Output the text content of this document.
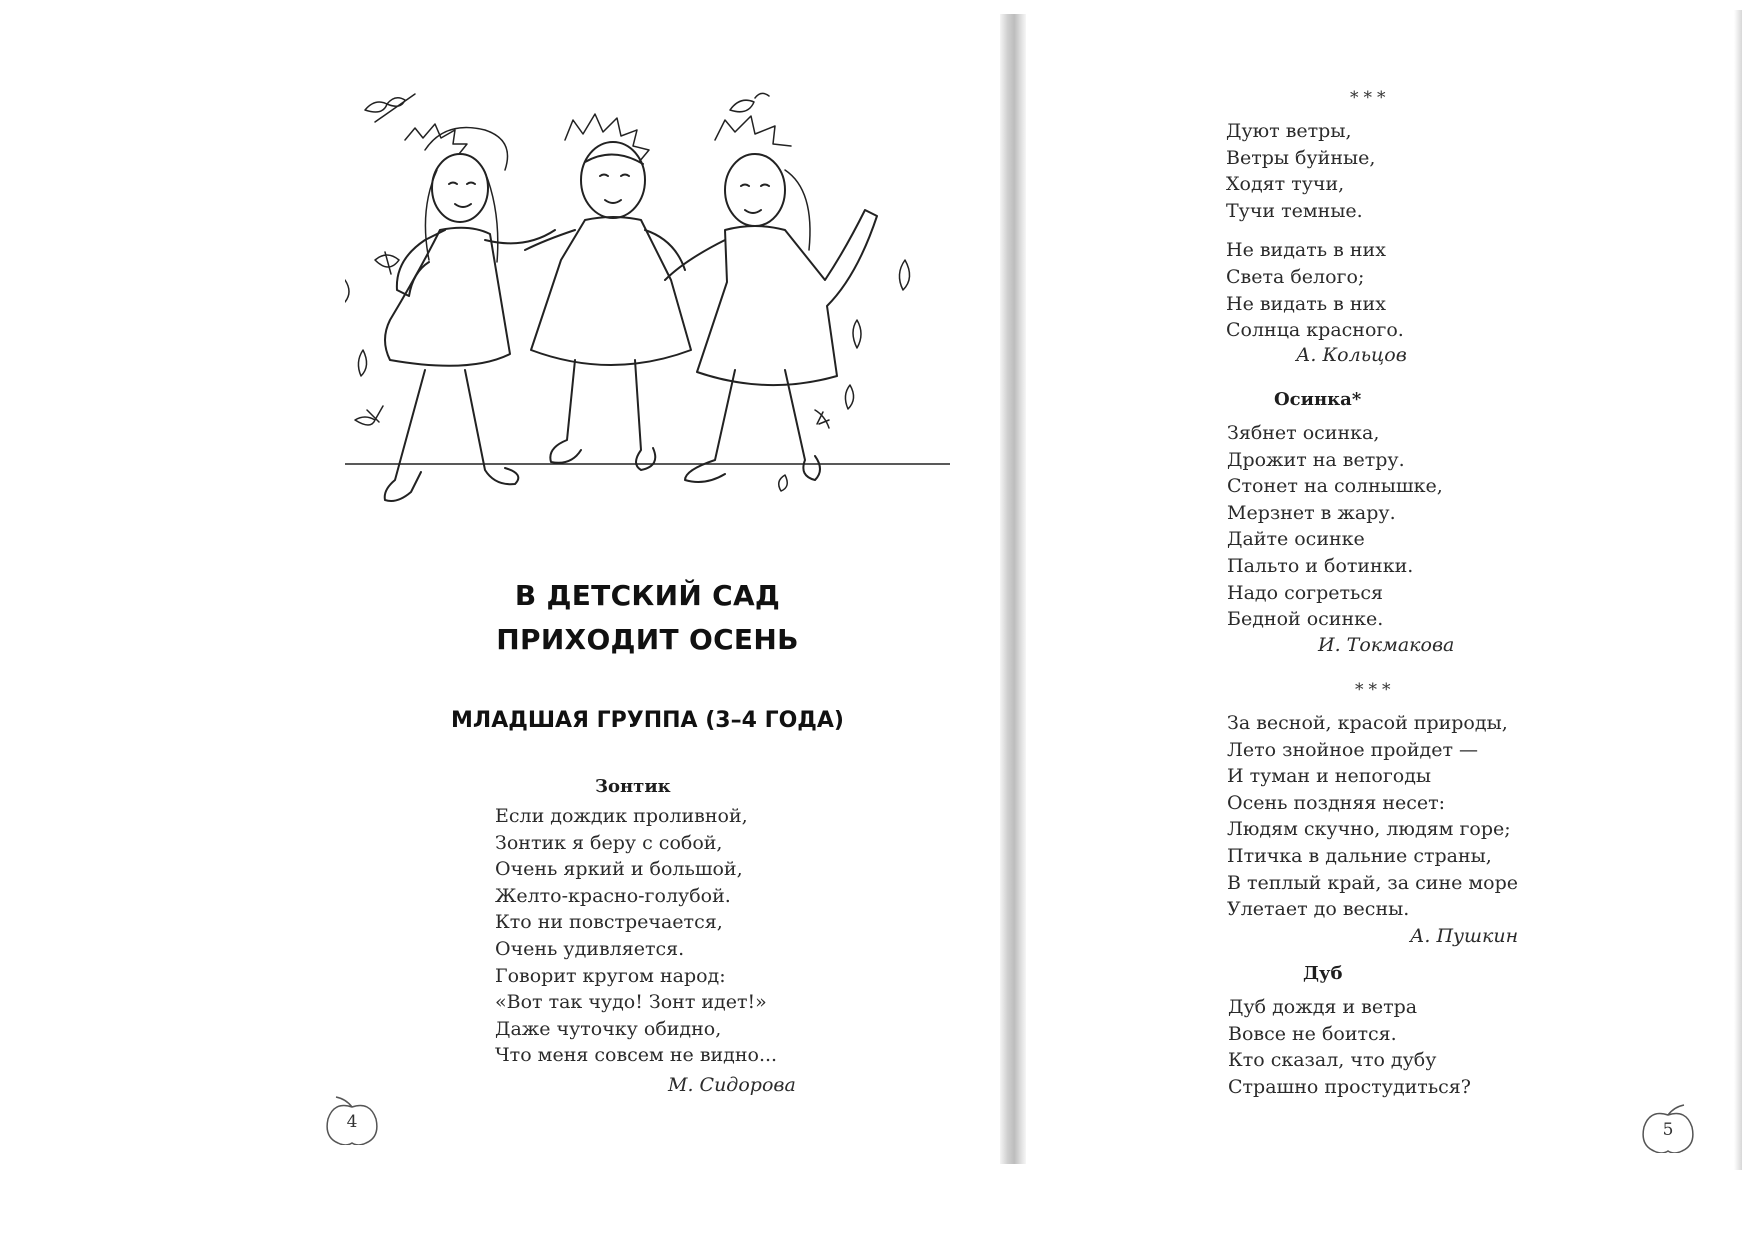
В ДЕТСКИЙ САД
ПРИХОДИТ ОСЕНЬ
МЛАДШАЯ ГРУППА (3–4 ГОДА)
Зонтик
Если дождик проливной,
Зонтик я беру с собой,
Очень яркий и большой,
Желто-красно-голубой.
Кто ни повстречается,
Очень удивляется.
Говорит кругом народ:
«Вот так чудо! Зонт идет!»
Даже чуточку обидно,
Что меня совсем не видно...
М. Сидорова
4
***
Дуют ветры,
Ветры буйные,
Ходят тучи,
Тучи темные.
Не видать в них
Света белого;
Не видать в них
Солнца красного.
А. Кольцов
Осинка*
Зябнет осинка,
Дрожит на ветру.
Стонет на солнышке,
Мерзнет в жару.
Дайте осинке
Пальто и ботинки.
Надо согреться
Бедной осинке.
И. Токмакова
***
За весной, красой природы,
Лето знойное пройдет —
И туман и непогоды
Осень поздняя несет:
Людям скучно, людям горе;
Птичка в дальние страны,
В теплый край, за сине море
Улетает до весны.
А. Пушкин
Дуб
Дуб дождя и ветра
Вовсе не боится.
Кто сказал, что дубу
Страшно простудиться?
5
